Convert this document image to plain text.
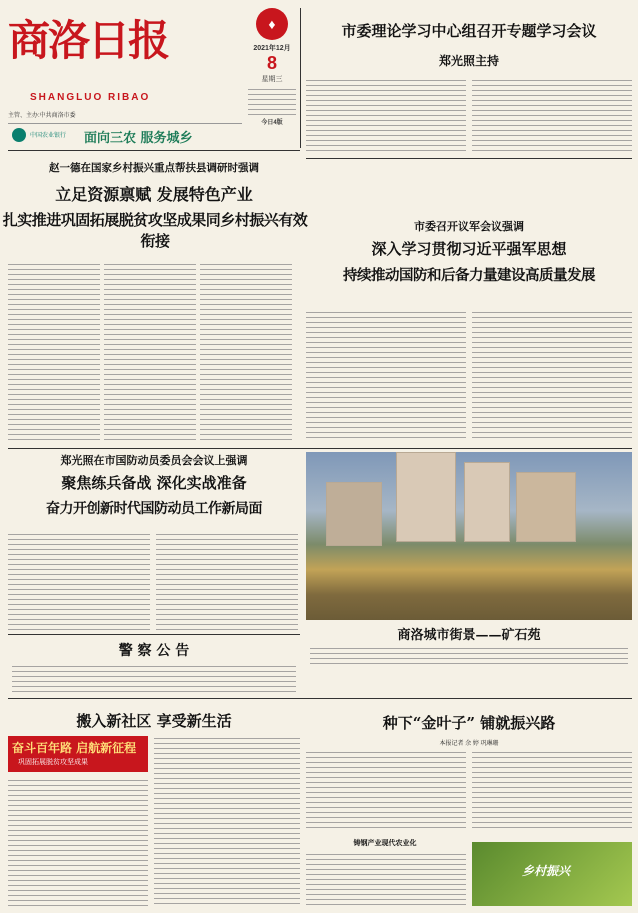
商洛日报
SHANGLUO RIBAO
主管、主办:中共商洛市委
中国农业银行 面向三农 服务城乡
♦
2021年12月
8
星期三
今日4版
市委理论学习中心组召开专题学习会议
郑光照主持
赵一德在国家乡村振兴重点帮扶县调研时强调
立足资源禀赋 发展特色产业
扎实推进巩固拓展脱贫攻坚成果同乡村振兴有效衔接
市委召开议军会议强调
深入学习贯彻习近平强军思想
持续推动国防和后备力量建设高质量发展
郑光照在市国防动员委员会会议上强调
聚焦练兵备战 深化实战准备
奋力开创新时代国防动员工作新局面
商洛城市街景——矿石苑
警 察 公 告
搬入新社区 享受新生活
奋斗百年路 启航新征程
巩固拓展脱贫攻坚成果
种下“金叶子” 铺就振兴路
本报记者 余 婷 巩琳珊
铸钢产业现代农业化
乡村振兴
